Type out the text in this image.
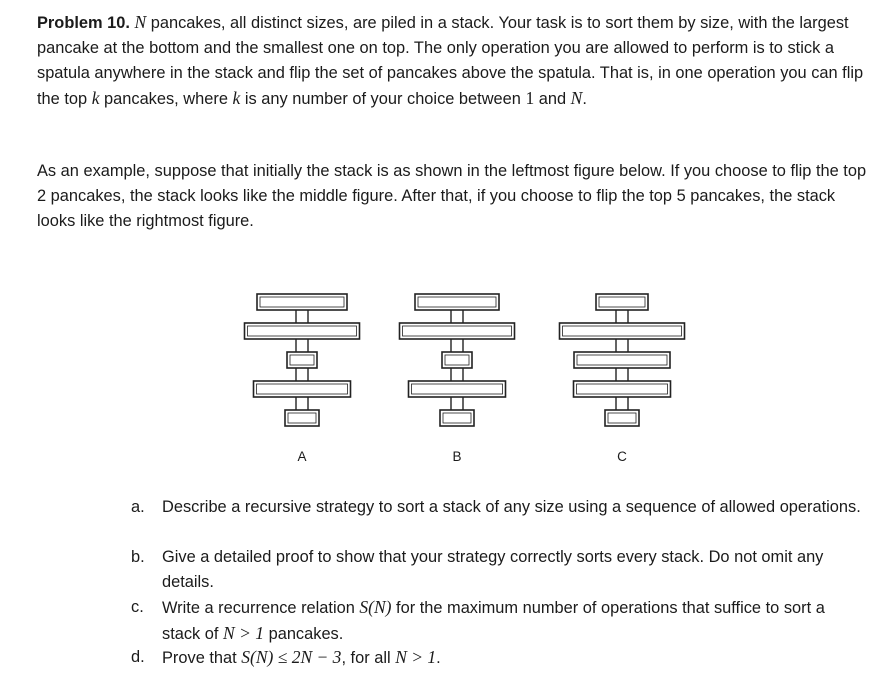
Problem 10. N pancakes, all distinct sizes, are piled in a stack. Your task is to sort them by size, with the largest pancake at the bottom and the smallest one on top. The only operation you are allowed to perform is to stick a spatula anywhere in the stack and flip the set of pancakes above the spatula. That is, in one operation you can flip the top k pancakes, where k is any number of your choice between 1 and N.
As an example, suppose that initially the stack is as shown in the leftmost figure below. If you choose to flip the top 2 pancakes, the stack looks like the middle figure. After that, if you choose to flip the top 5 pancakes, the stack looks like the rightmost figure.
A	B	C
a. Describe a recursive strategy to sort a stack of any size using a sequence of allowed operations.
b. Give a detailed proof to show that your strategy correctly sorts every stack. Do not omit any details.
c. Write a recurrence relation S(N) for the maximum number of operations that suffice to sort a stack of N > 1 pancakes.
d. Prove that S(N) ≤ 2N − 3, for all N > 1.
